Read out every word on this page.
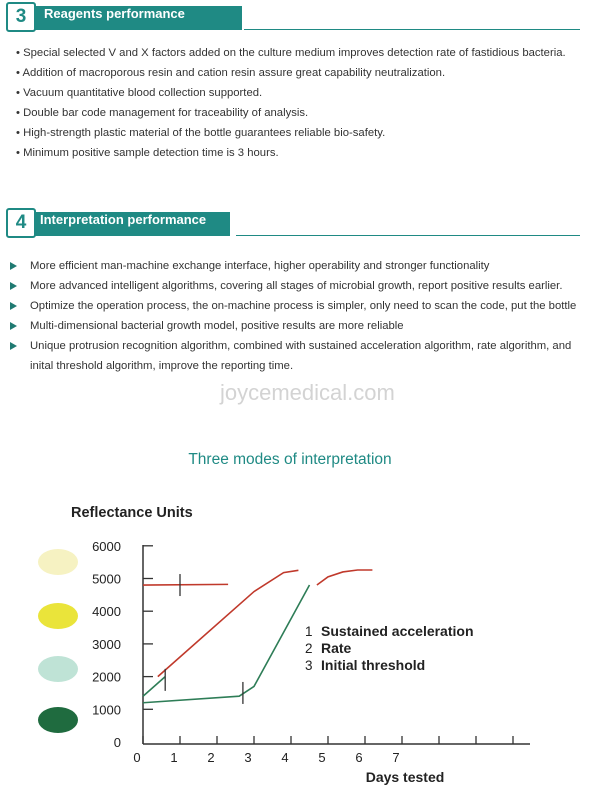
3	Reagents performance
• Special selected V and X factors added on the culture medium improves detection rate of fastidious bacteria.
• Addition of macroporous resin and cation resin assure great capability neutralization.
• Vacuum quantitative blood collection supported.
• Double bar code management for traceability of analysis.
• High-strength plastic material of the bottle guarantees reliable bio-safety.
• Minimum positive sample detection time is 3 hours.
4	Interpretation performance
More efficient man-machine exchange interface, higher operability and stronger functionality
More advanced intelligent algorithms, covering all stages of microbial growth, report positive results earlier.
Optimize the operation process, the on-machine process is simpler, only need to scan the code, put the bottle
Multi-dimensional bacterial growth model, positive results are more reliable
Unique protrusion recognition algorithm, combined with sustained acceleration algorithm, rate algorithm, and inital threshold algorithm, improve the reporting time.
joycemedical.com
Three modes of interpretation
Reflectance Units
0
1000
2000
3000
4000
5000
6000
0 1 2 3 4 5 6 7
Days tested
1 Sustained acceleration
2 Rate
3 Initial threshold
